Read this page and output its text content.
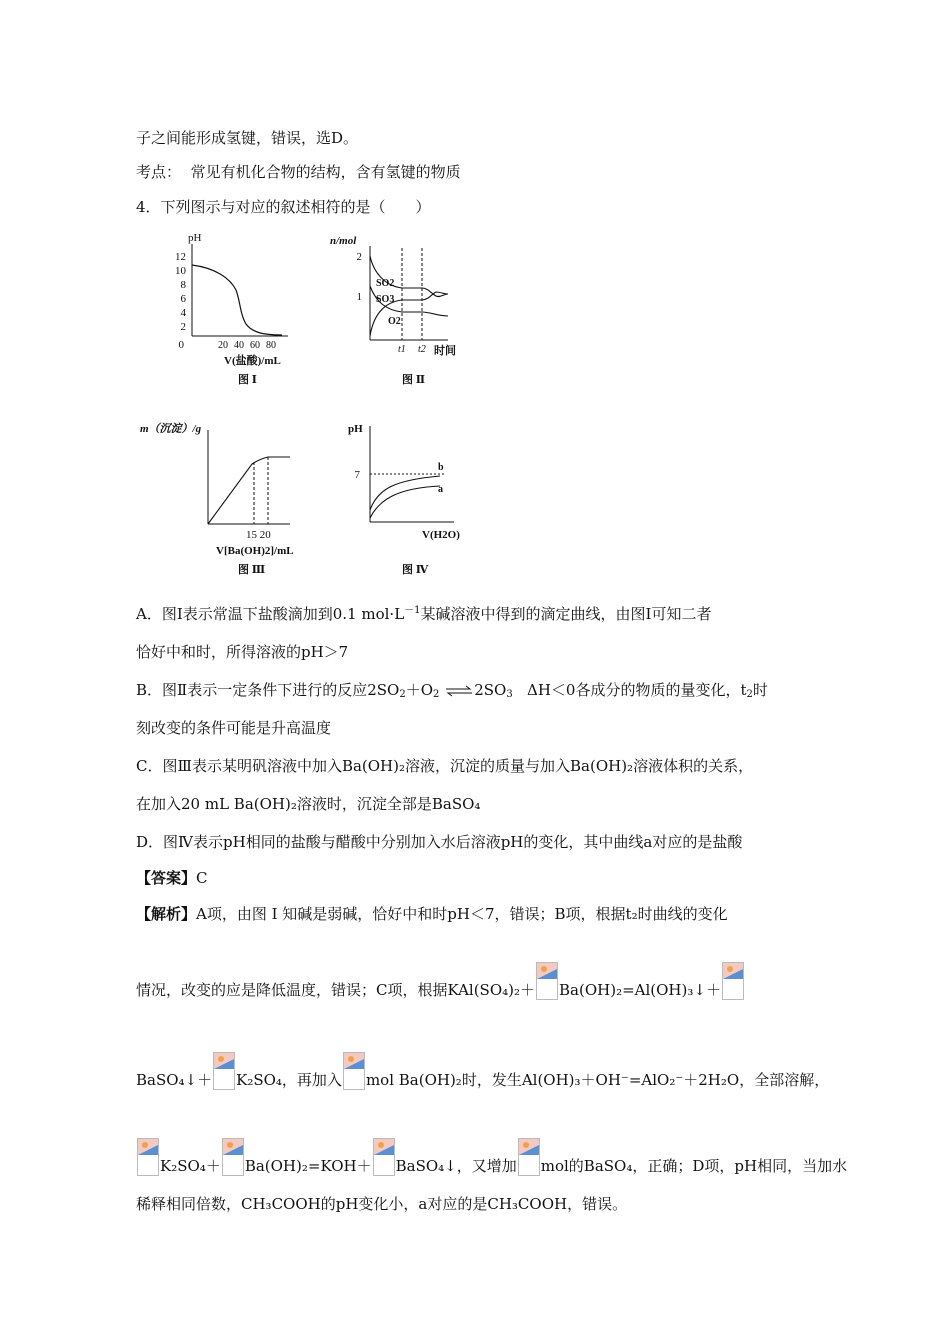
子之间能形成氢键，错误，选D。
考点： 常见有机化合物的结构，含有氢键的物质
4．下列图示与对应的叙述相符的是（　　）
pH
12
10
8
6
4
2
0	20 40 60 80
V(盐酸)/mL
图 Ⅰ
n/mol
2
1
SO2
SO3
O2
t1 t2 时间
图 Ⅱ
m（沉淀）/g
15 20
V[Ba(OH)2]/mL
图 Ⅲ
pH
7
b
a
V(H2O)
图 Ⅳ
A．图Ⅰ表示常温下盐酸滴加到0.1 $mol\cdot L^{-1}$某碱溶液中得到的滴定曲线，由图Ⅰ可知二者
恰好中和时，所得溶液的pH＞7
B．图Ⅱ表示一定条件下进行的反应$2SO_2+O_2$ $\rightleftharpoons 2SO_3$ ΔH＜0各成分的物质的量变化，$t_2$时
刻改变的条件可能是升高温度
C．图Ⅲ表示某明矾溶液中加入Ba(OH)₂溶液，沉淀的质量与加入Ba(OH)₂溶液体积的关系，
在加入20 mL Ba(OH)₂溶液时，沉淀全部是BaSO₄
D．图Ⅳ表示pH相同的盐酸与醋酸中分别加入水后溶液pH的变化，其中曲线a对应的是盐酸
【答案】C
【解析】A项，由图 Ⅰ 知碱是弱碱，恰好中和时pH＜7，错误；B项，根据t₂时曲线的变化
情况，改变的应是降低温度，错误；C项，根据KAl(SO₄)₂＋ Ba(OH)₂=Al(OH)₃↓＋
BaSO₄↓＋ K₂SO₄，再加入 mol Ba(OH)₂时，发生Al(OH)₃＋OH⁻=AlO₂⁻＋2H₂O，全部溶解，
K₂SO₄＋ Ba(OH)₂=KOH＋ BaSO₄↓，又增加 mol的BaSO₄，正确；D项，pH相同，当加水
稀释相同倍数，CH₃COOH的pH变化小，a对应的是CH₃COOH，错误。
